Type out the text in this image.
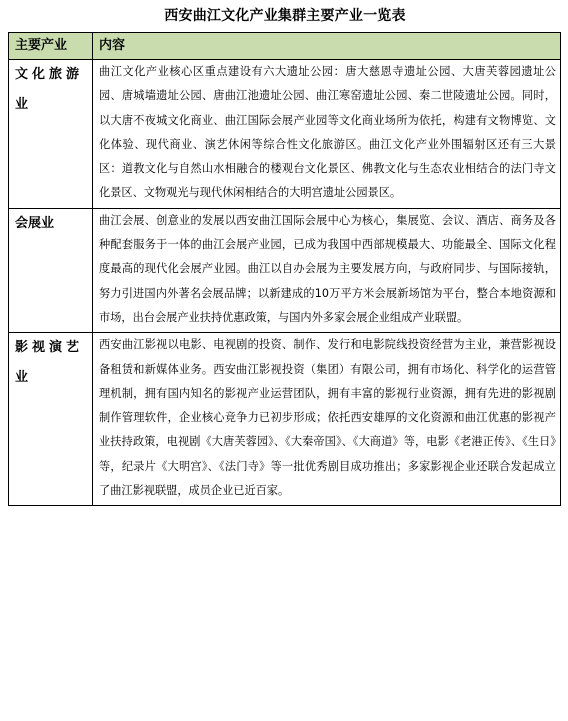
西安曲江文化产业集群主要产业一览表
主要产业	内容
文化旅游业	曲江文化产业核心区重点建设有六大遗址公园：唐大慈恩寺遗址公园、大唐芙蓉园遗址公园、唐城墙遗址公园、唐曲江池遗址公园、曲江寒窑遗址公园、秦二世陵遗址公园。同时，以大唐不夜城文化商业、曲江国际会展产业园等文化商业场所为依托，构建有文物博览、文化体验、现代商业、演艺休闲等综合性文化旅游区。曲江文化产业外围辐射区还有三大景区：道教文化与自然山水相融合的楼观台文化景区、佛教文化与生态农业相结合的法门寺文化景区、文物观光与现代休闲相结合的大明宫遗址公园景区。
会展业	曲江会展、创意业的发展以西安曲江国际会展中心为核心，集展览、会议、酒店、商务及各种配套服务于一体的曲江会展产业园，已成为我国中西部规模最大、功能最全、国际文化程度最高的现代化会展产业园。曲江以自办会展为主要发展方向，与政府同步、与国际接轨，努力引进国内外著名会展品牌；以新建成的10万平方米会展新场馆为平台，整合本地资源和市场，出台会展产业扶持优惠政策，与国内外多家会展企业组成产业联盟。
影视演艺业	西安曲江影视以电影、电视剧的投资、制作、发行和电影院线投资经营为主业，兼营影视设备租赁和新媒体业务。西安曲江影视投资（集团）有限公司，拥有市场化、科学化的运营管理机制，拥有国内知名的影视产业运营团队，拥有丰富的影视行业资源，拥有先进的影视剧制作管理软件，企业核心竞争力已初步形成；依托西安雄厚的文化资源和曲江优惠的影视产业扶持政策，电视剧《大唐芙蓉园》、《大秦帝国》、《大商道》等，电影《老港正传》、《生日》等，纪录片《大明宫》、《法门寺》等一批优秀剧目成功推出；多家影视企业还联合发起成立了曲江影视联盟，成员企业已近百家。
